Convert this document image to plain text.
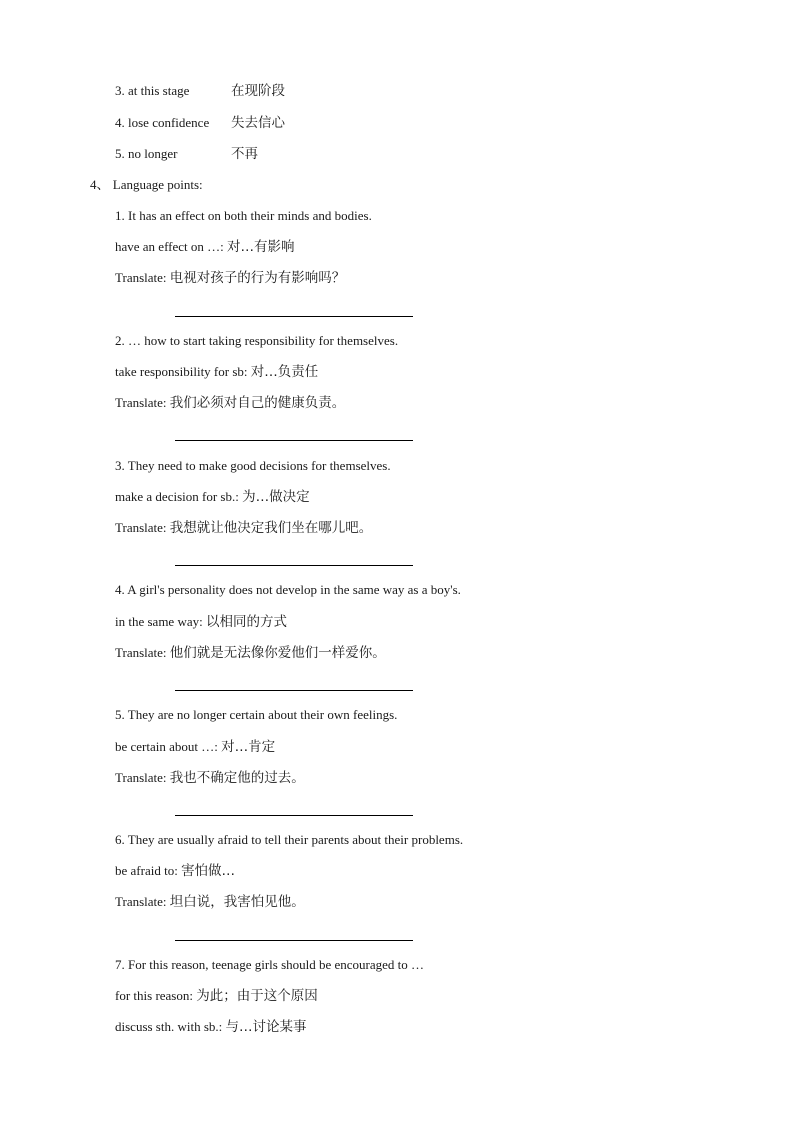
3. at this stage	在现阶段
4. lose confidence 失去信心
5. no longer	不再
4、 Language points:
1. It has an effect on both their minds and bodies.
have an effect on …: 对…有影响
Translate: 电视对孩子的行为有影响吗？
2. … how to start taking responsibility for themselves.
take responsibility for sb: 对…负责任
Translate: 我们必须对自己的健康负责。
3. They need to make good decisions for themselves.
make a decision for sb.: 为…做决定
Translate: 我想就让他决定我们坐在哪儿吧。
4. A girl's personality does not develop in the same way as a boy's.
in the same way: 以相同的方式
Translate: 他们就是无法像你爱他们一样爱你。
5. They are no longer certain about their own feelings.
be certain about …: 对…肯定
Translate: 我也不确定他的过去。
6. They are usually afraid to tell their parents about their problems.
be afraid to: 害怕做…
Translate: 坦白说，我害怕见他。
7. For this reason, teenage girls should be encouraged to …
for this reason: 为此；由于这个原因
discuss sth. with sb.: 与…讨论某事
